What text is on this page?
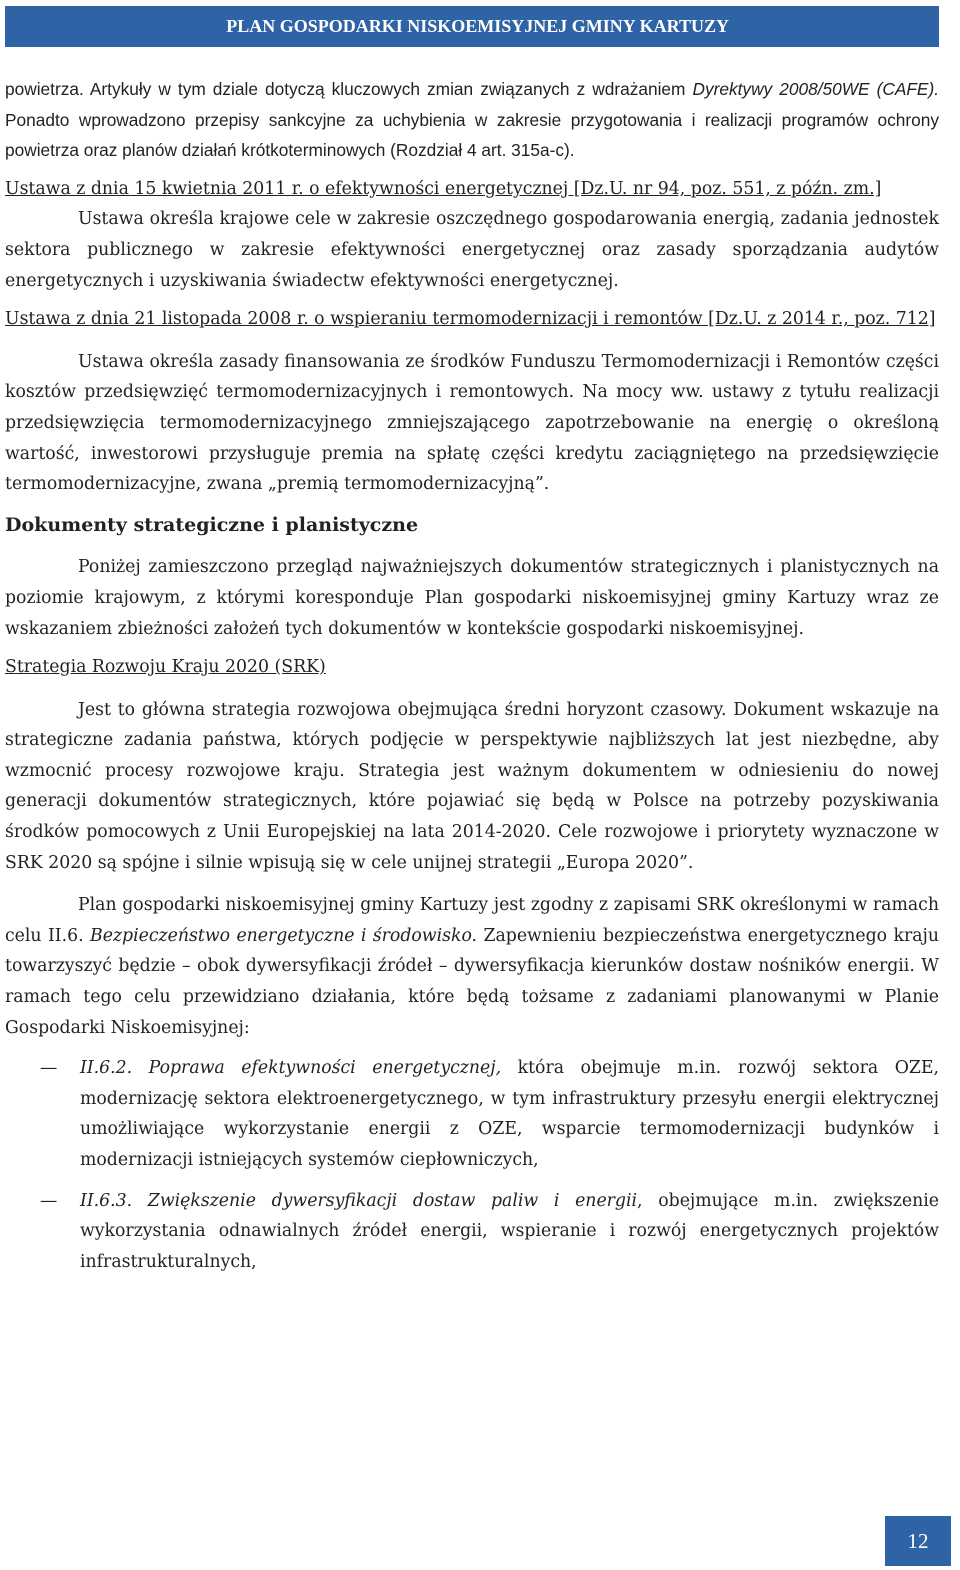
PLAN GOSPODARKI NISKOEMISYJNEJ GMINY KARTUZY

powietrza. Artykuły w tym dziale dotyczą kluczowych zmian związanych z wdrażaniem Dyrektywy 2008/50WE (CAFE). Ponadto wprowadzono przepisy sankcyjne za uchybienia w zakresie przygotowania i realizacji programów ochrony powietrza oraz planów działań krótkoterminowych (Rozdział 4 art. 315a-c).

Ustawa z dnia 15 kwietnia 2011 r. o efektywności energetycznej [Dz.U. nr 94, poz. 551, z późn. zm.]

Ustawa określa krajowe cele w zakresie oszczędnego gospodarowania energią, zadania jednostek sektora publicznego w zakresie efektywności energetycznej oraz zasady sporządzania audytów energetycznych i uzyskiwania świadectw efektywności energetycznej.

Ustawa z dnia 21 listopada 2008 r. o wspieraniu termomodernizacji i remontów [Dz.U. z 2014 r., poz. 712]

Ustawa określa zasady finansowania ze środków Funduszu Termomodernizacji i Remontów części kosztów przedsięwzięć termomodernizacyjnych i remontowych. Na mocy ww. ustawy z tytułu realizacji przedsięwzięcia termomodernizacyjnego zmniejszającego zapotrzebowanie na energię o określoną wartość, inwestorowi przysługuje premia na spłatę części kredytu zaciągniętego na przedsięwzięcie termomodernizacyjne, zwana „premią termomodernizacyjną”.

Dokumenty strategiczne i planistyczne

Poniżej zamieszczono przegląd najważniejszych dokumentów strategicznych i planistycznych na poziomie krajowym, z którymi koresponduje Plan gospodarki niskoemisyjnej gminy Kartuzy wraz ze wskazaniem zbieżności założeń tych dokumentów w kontekście gospodarki niskoemisyjnej.

Strategia Rozwoju Kraju 2020 (SRK)

Jest to główna strategia rozwojowa obejmująca średni horyzont czasowy. Dokument wskazuje na strategiczne zadania państwa, których podjęcie w perspektywie najbliższych lat jest niezbędne, aby wzmocnić procesy rozwojowe kraju. Strategia jest ważnym dokumentem w odniesieniu do nowej generacji dokumentów strategicznych, które pojawiać się będą w Polsce na potrzeby pozyskiwania środków pomocowych z Unii Europejskiej na lata 2014-2020. Cele rozwojowe i priorytety wyznaczone w SRK 2020 są spójne i silnie wpisują się w cele unijnej strategii „Europa 2020”.

Plan gospodarki niskoemisyjnej gminy Kartuzy jest zgodny z zapisami SRK określonymi w ramach celu II.6. Bezpieczeństwo energetyczne i środowisko. Zapewnieniu bezpieczeństwa energetycznego kraju towarzyszyć będzie – obok dywersyfikacji źródeł – dywersyfikacja kierunków dostaw nośników energii. W ramach tego celu przewidziano działania, które będą tożsame z zadaniami planowanymi w Planie Gospodarki Niskoemisyjnej:

— II.6.2. Poprawa efektywności energetycznej, która obejmuje m.in. rozwój sektora OZE, modernizację sektora elektroenergetycznego, w tym infrastruktury przesyłu energii elektrycznej umożliwiające wykorzystanie energii z OZE, wsparcie termomodernizacji budynków i modernizacji istniejących systemów ciepłowniczych,
— II.6.3. Zwiększenie dywersyfikacji dostaw paliw i energii, obejmujące m.in. zwiększenie wykorzystania odnawialnych źródeł energii, wspieranie i rozwój energetycznych projektów infrastrukturalnych,
12
